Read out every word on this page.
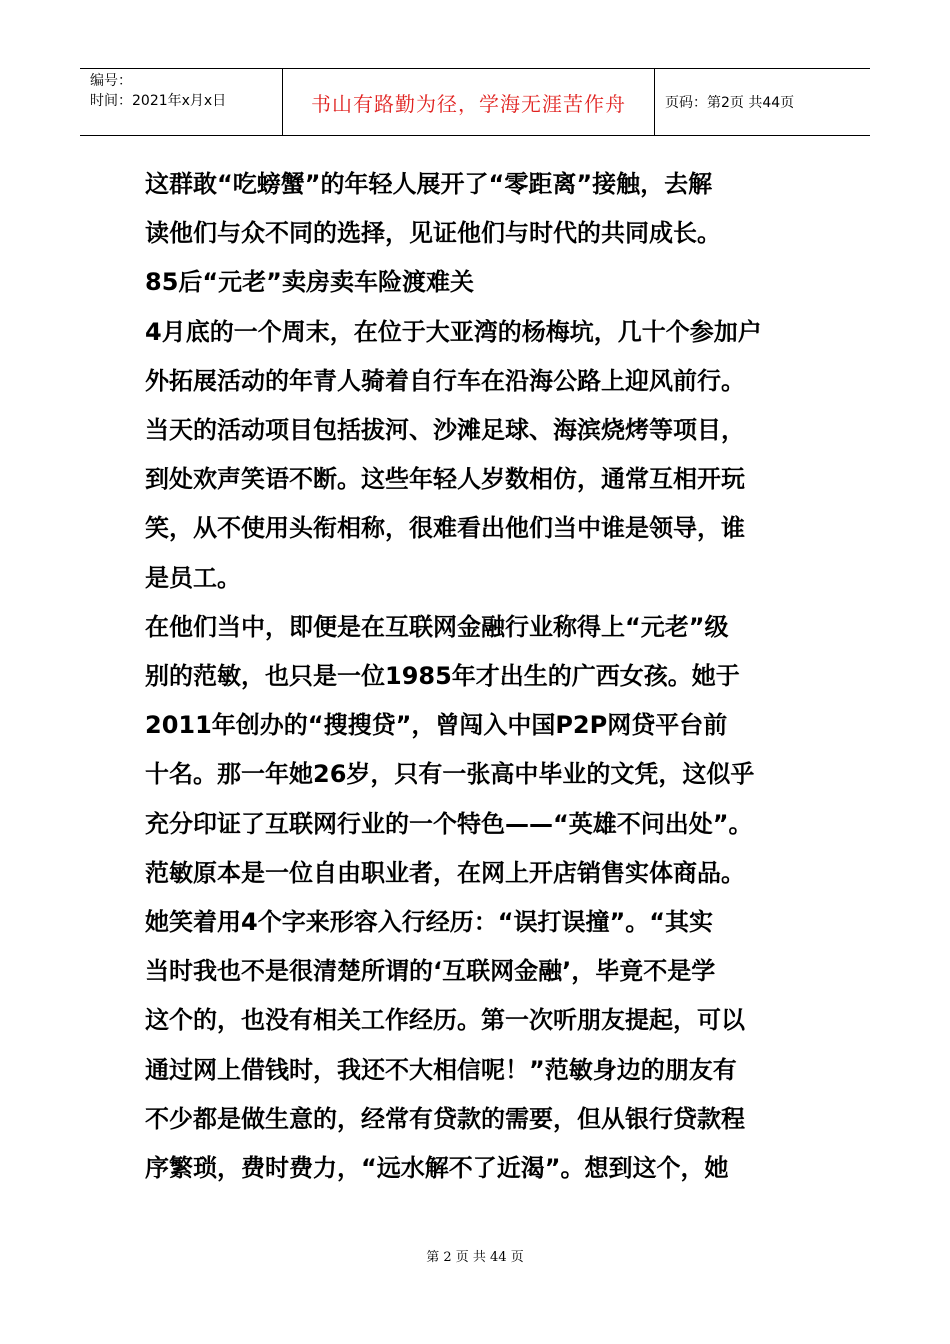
编号：
时间：2021年x月x日	书山有路勤为径，学海无涯苦作舟	页码：第2页 共44页

这群敢“吃螃蟹”的年轻人展开了“零距离”接触，去解

读他们与众不同的选择，见证他们与时代的共同成长。

85后“元老”卖房卖车险渡难关

4月底的一个周末，在位于大亚湾的杨梅坑，几十个参加户

外拓展活动的年青人骑着自行车在沿海公路上迎风前行。

当天的活动项目包括拔河、沙滩足球、海滨烧烤等项目，

到处欢声笑语不断。这些年轻人岁数相仿，通常互相开玩

笑，从不使用头衔相称，很难看出他们当中谁是领导，谁

是员工。

在他们当中，即便是在互联网金融行业称得上“元老”级

别的范敏，也只是一位1985年才出生的广西女孩。她于

2011年创办的“搜搜贷”，曾闯入中国P2P网贷平台前

十名。那一年她26岁，只有一张高中毕业的文凭，这似乎

充分印证了互联网行业的一个特色——“英雄不问出处”。

范敏原本是一位自由职业者，在网上开店销售实体商品。

她笑着用4个字来形容入行经历：“误打误撞”。“其实

当时我也不是很清楚所谓的‘互联网金融’，毕竟不是学

这个的，也没有相关工作经历。第一次听朋友提起，可以

通过网上借钱时，我还不大相信呢！”范敏身边的朋友有

不少都是做生意的，经常有贷款的需要，但从银行贷款程

序繁琐，费时费力，“远水解不了近渴”。想到这个，她

第 2 页 共 44 页
